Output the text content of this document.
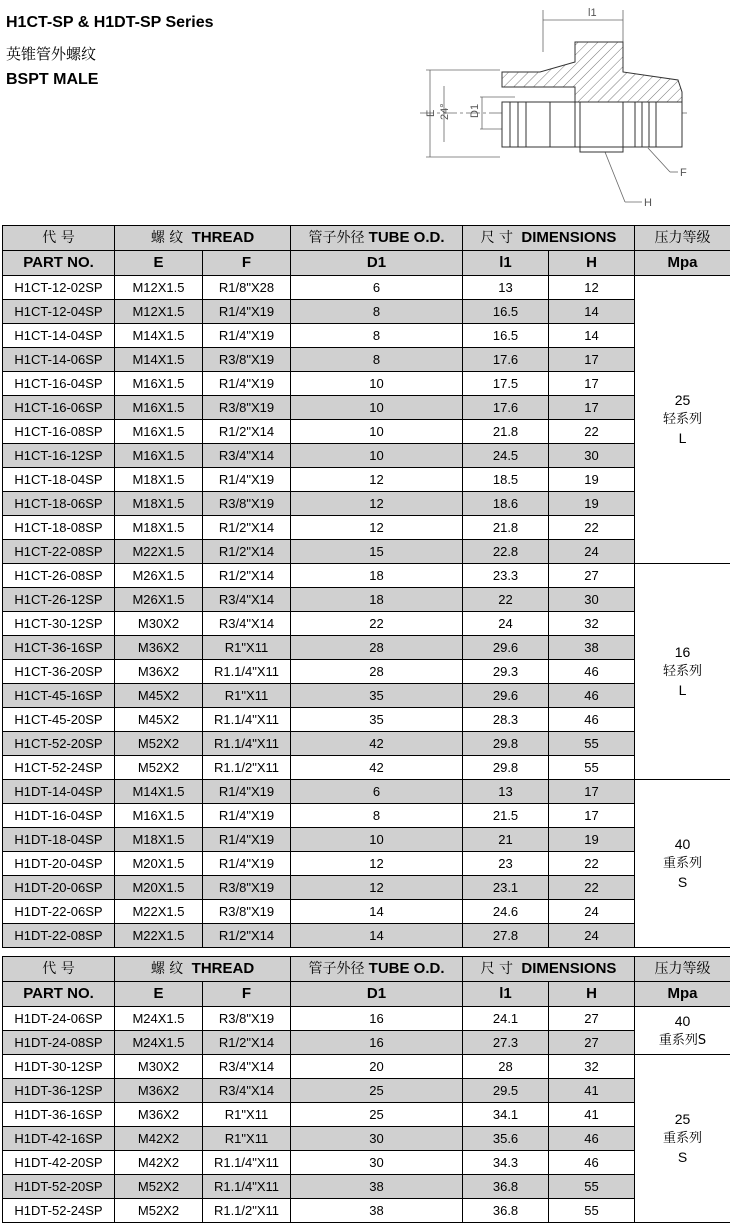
H1CT-SP & H1DT-SP Series
英锥管外螺纹
BSPT MALE
l1
E 24° D1
F
H
代 号	螺 纹 THREAD		管子外径 TUBE O.D.	尺 寸 DIMENSIONS		压力等级
PART NO.	E	F	D1	l1	H	Mpa
H1CT-12-02SP	M12X1.5	R1/8"X28	6	13	12	25
轻系列
L

H1CT-12-04SP	M12X1.5	R1/4"X19	8	16.5	14	
H1CT-14-04SP	M14X1.5	R1/4"X19	8	16.5	14	
H1CT-14-06SP	M14X1.5	R3/8"X19	8	17.6	17	
H1CT-16-04SP	M16X1.5	R1/4"X19	10	17.5	17	
H1CT-16-06SP	M16X1.5	R3/8"X19	10	17.6	17	
H1CT-16-08SP	M16X1.5	R1/2"X14	10	21.8	22	
H1CT-16-12SP	M16X1.5	R3/4"X14	10	24.5	30	
H1CT-18-04SP	M18X1.5	R1/4"X19	12	18.5	19	
H1CT-18-06SP	M18X1.5	R3/8"X19	12	18.6	19	
H1CT-18-08SP	M18X1.5	R1/2"X14	12	21.8	22	
H1CT-22-08SP	M22X1.5	R1/2"X14	15	22.8	24	
H1CT-26-08SP	M26X1.5	R1/2"X14	18	23.3	27	16
轻系列
L

H1CT-26-12SP	M26X1.5	R3/4"X14	18	22	30	
H1CT-30-12SP	M30X2	R3/4"X14	22	24	32	
H1CT-36-16SP	M36X2	R1"X11	28	29.6	38	
H1CT-36-20SP	M36X2	R1.1/4"X11	28	29.3	46	
H1CT-45-16SP	M45X2	R1"X11	35	29.6	46	
H1CT-45-20SP	M45X2	R1.1/4"X11	35	28.3	46	
H1CT-52-20SP	M52X2	R1.1/4"X11	42	29.8	55	
H1CT-52-24SP	M52X2	R1.1/2"X11	42	29.8	55	
H1DT-14-04SP	M14X1.5	R1/4"X19	6	13	17	40
重系列
S

H1DT-16-04SP	M16X1.5	R1/4"X19	8	21.5	17	
H1DT-18-04SP	M18X1.5	R1/4"X19	10	21	19	
H1DT-20-04SP	M20X1.5	R1/4"X19	12	23	22	
H1DT-20-06SP	M20X1.5	R3/8"X19	12	23.1	22	
H1DT-22-06SP	M22X1.5	R3/8"X19	14	24.6	24	
H1DT-22-08SP	M22X1.5	R1/2"X14	14	27.8	24	
代 号	螺 纹 THREAD		管子外径 TUBE O.D.	尺 寸 DIMENSIONS		压力等级
PART NO.	E	F	D1	l1	H	Mpa
H1DT-24-06SP	M24X1.5	R3/8"X19	16	24.1	27	40
重系列S

H1DT-24-08SP	M24X1.5	R1/2"X14	16	27.3	27	
H1DT-30-12SP	M30X2	R3/4"X14	20	28	32	25
重系列
S

H1DT-36-12SP	M36X2	R3/4"X14	25	29.5	41	
H1DT-36-16SP	M36X2	R1"X11	25	34.1	41	
H1DT-42-16SP	M42X2	R1"X11	30	35.6	46	
H1DT-42-20SP	M42X2	R1.1/4"X11	30	34.3	46	
H1DT-52-20SP	M52X2	R1.1/4"X11	38	36.8	55	
H1DT-52-24SP	M52X2	R1.1/2"X11	38	36.8	55	
